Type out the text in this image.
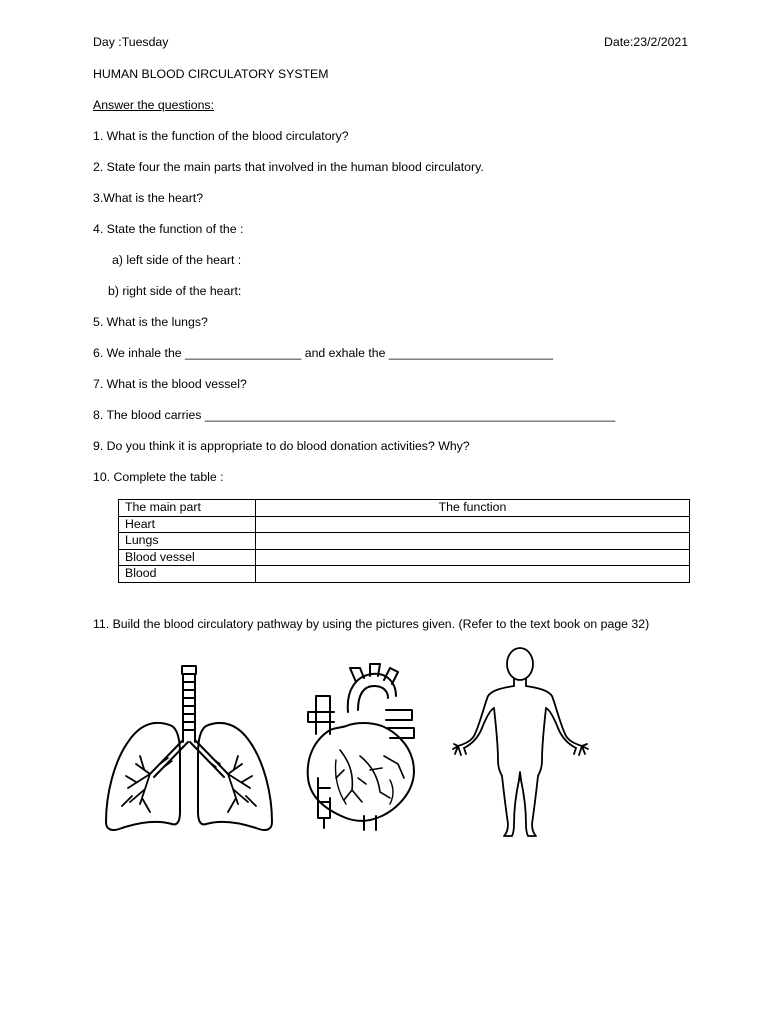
Day :Tuesday	Date:23/2/2021
HUMAN BLOOD CIRCULATORY SYSTEM
Answer the questions:
1. What is the function of the blood circulatory?
2. State four the main parts that involved in the human blood circulatory.
3.What is the heart?
4. State the function of the :
a) left side of the heart :
b) right side of the heart:
5. What is the lungs?
6. We inhale the _________________ and exhale the ________________________
7. What is the blood vessel?
8. The blood carries ____________________________________________________________
9. Do you think it is appropriate to do blood donation activities? Why?
10. Complete the table :
The main part	The function
Heart	
Lungs	
Blood vessel	
Blood	
11. Build the blood circulatory pathway by using the pictures given. (Refer to the text book on page 32)
